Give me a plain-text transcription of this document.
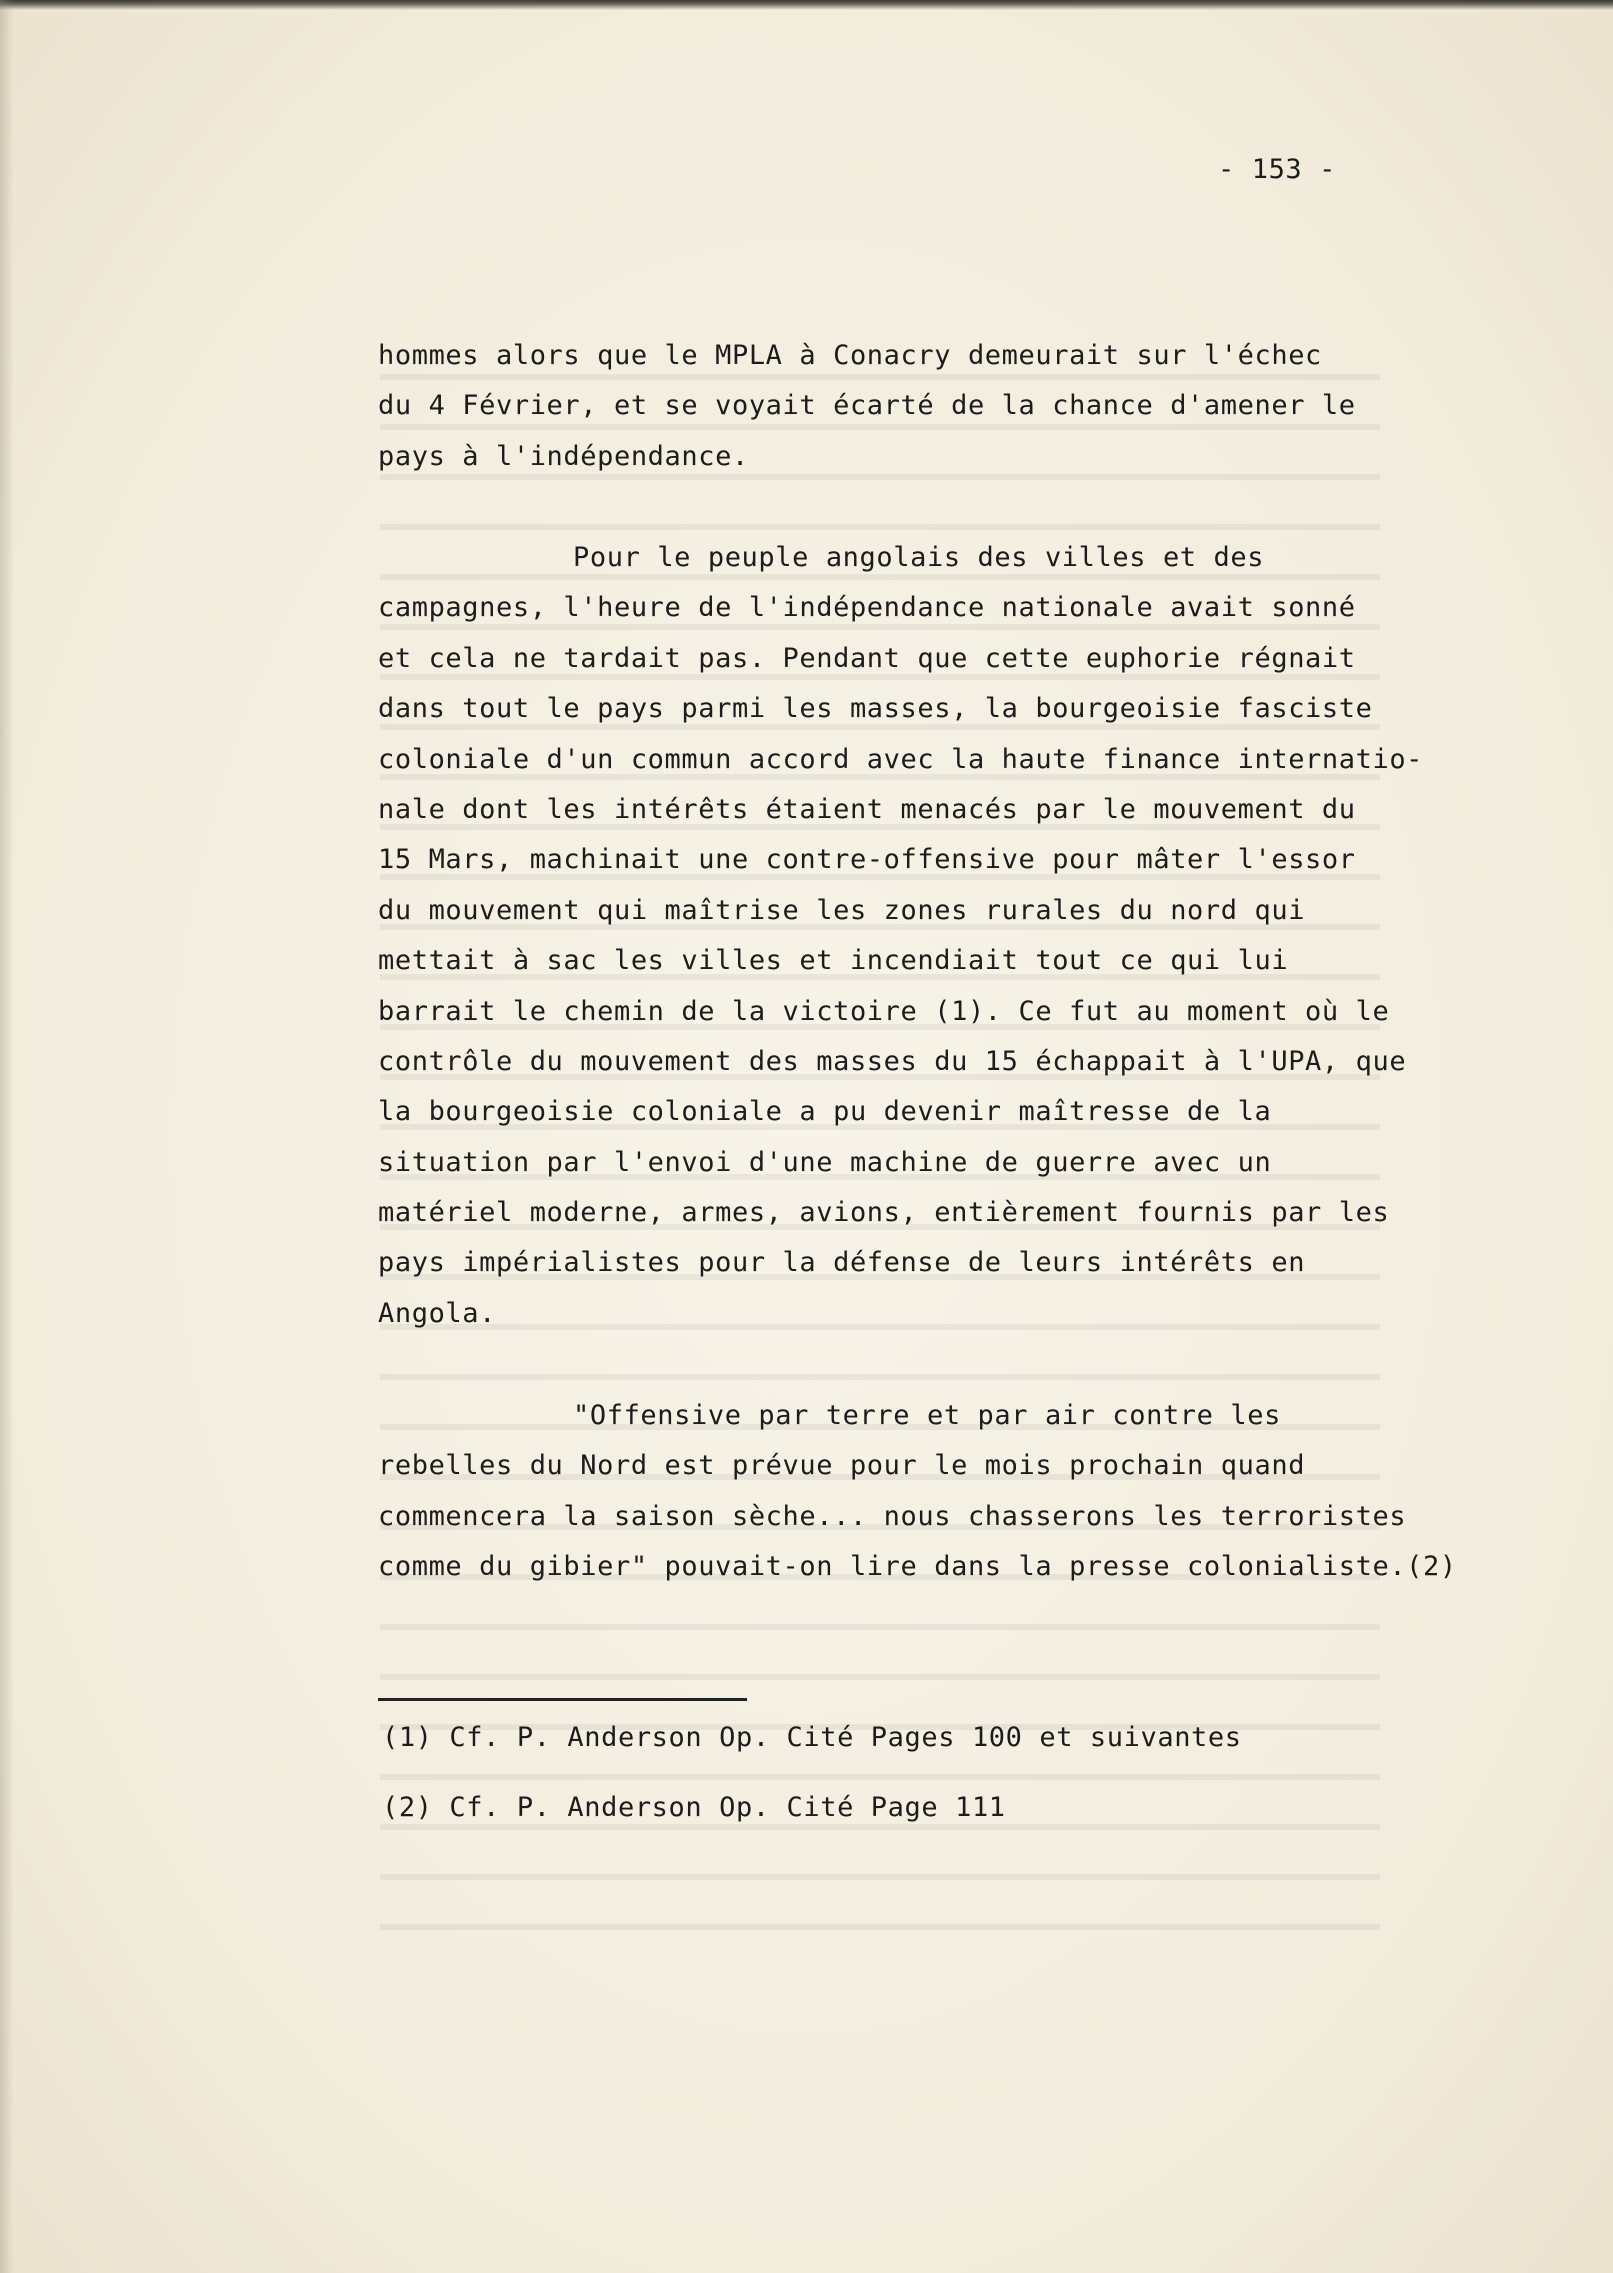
- 153 -
hommes alors que le MPLA à Conacry demeurait sur l'échec
du 4 Février, et se voyait écarté de la chance d'amener le
pays à l'indépendance.
Pour le peuple angolais des villes et des
campagnes, l'heure de l'indépendance nationale avait sonné
et cela ne tardait pas. Pendant que cette euphorie régnait
dans tout le pays parmi les masses, la bourgeoisie fasciste
coloniale d'un commun accord avec la haute finance internatio-
nale dont les intérêts étaient menacés par le mouvement du
15 Mars, machinait une contre-offensive pour mâter l'essor
du mouvement qui maîtrise les zones rurales du nord qui
mettait à sac les villes et incendiait tout ce qui lui
barrait le chemin de la victoire (1). Ce fut au moment où le
contrôle du mouvement des masses du 15 échappait à l'UPA, que
la bourgeoisie coloniale a pu devenir maîtresse de la
situation par l'envoi d'une machine de guerre avec un
matériel moderne, armes, avions, entièrement fournis par les
pays impérialistes pour la défense de leurs intérêts en
Angola.
"Offensive par terre et par air contre les
rebelles du Nord est prévue pour le mois prochain quand
commencera la saison sèche... nous chasserons les terroristes
comme du gibier" pouvait-on lire dans la presse colonialiste.(2)
(1) Cf. P. Anderson Op. Cité Pages 100 et suivantes
(2) Cf. P. Anderson Op. Cité Page 111
